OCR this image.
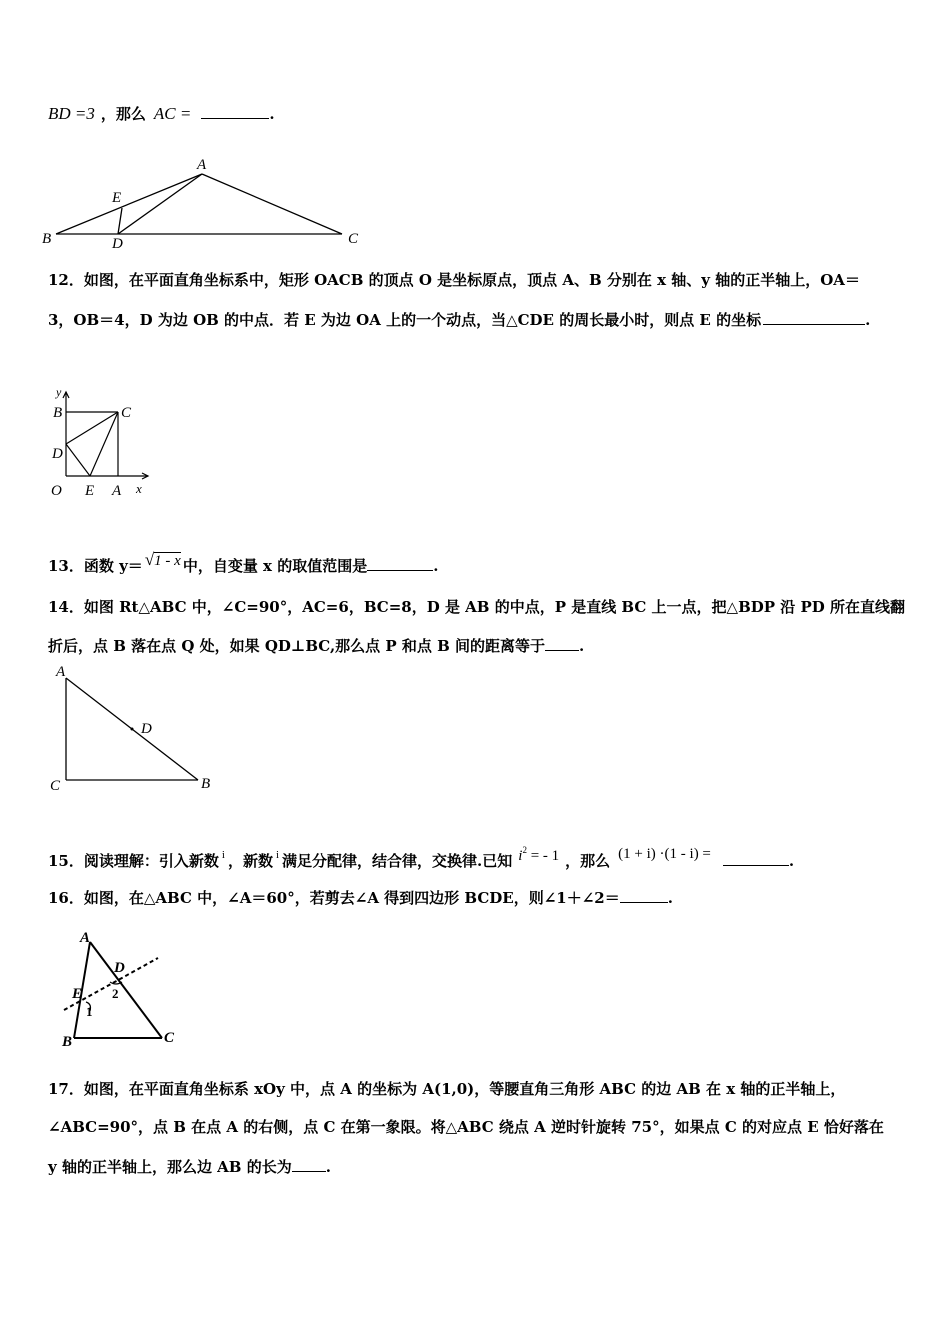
BD =3 ，那么 AC =	.
A
E
B	D	C
12．如图，在平面直角坐标系中，矩形 OACB 的顶点 O 是坐标原点，顶点 A、B 分别在 x 轴、y 轴的正半轴上，OA＝
3，OB＝4，D 为边 OB 的中点．若 E 为边 OA 上的一个动点，当△CDE 的周长最小时，则点 E 的坐标	.
y
B	C
D
O E A x
13．函数 y＝ √1 - x 中，自变量 x 的取值范围是	.
14．如图 Rt△ABC 中，∠C=90°，AC=6，BC=8，D 是 AB 的中点，P 是直线 BC 上一点，把△BDP 沿 PD 所在直线翻
折后，点 B 落在点 Q 处，如果 QD⊥BC,那么点 P 和点 B 间的距离等于 .
A
D
C	B
15．阅读理解：引入新数 $^i$ ，新数 $^i$ 满足分配律，结合律，交换律.已知 $i^2$ = - 1 ，那么 (1 + i) ·(1 - i) =	.
16．如图，在△ABC 中，∠A＝60°，若剪去∠A 得到四边形 BCDE，则∠1＋∠2＝	.
A
D
E 2
1
B	C
17．如图，在平面直角坐标系 xOy 中，点 A 的坐标为 A(1,0)，等腰直角三角形 ABC 的边 AB 在 x 轴的正半轴上，
∠ABC=90°，点 B 在点 A 的右侧，点 C 在第一象限。将△ABC 绕点 A 逆时针旋转 75°，如果点 C 的对应点 E 恰好落在
y 轴的正半轴上，那么边 AB 的长为 .
